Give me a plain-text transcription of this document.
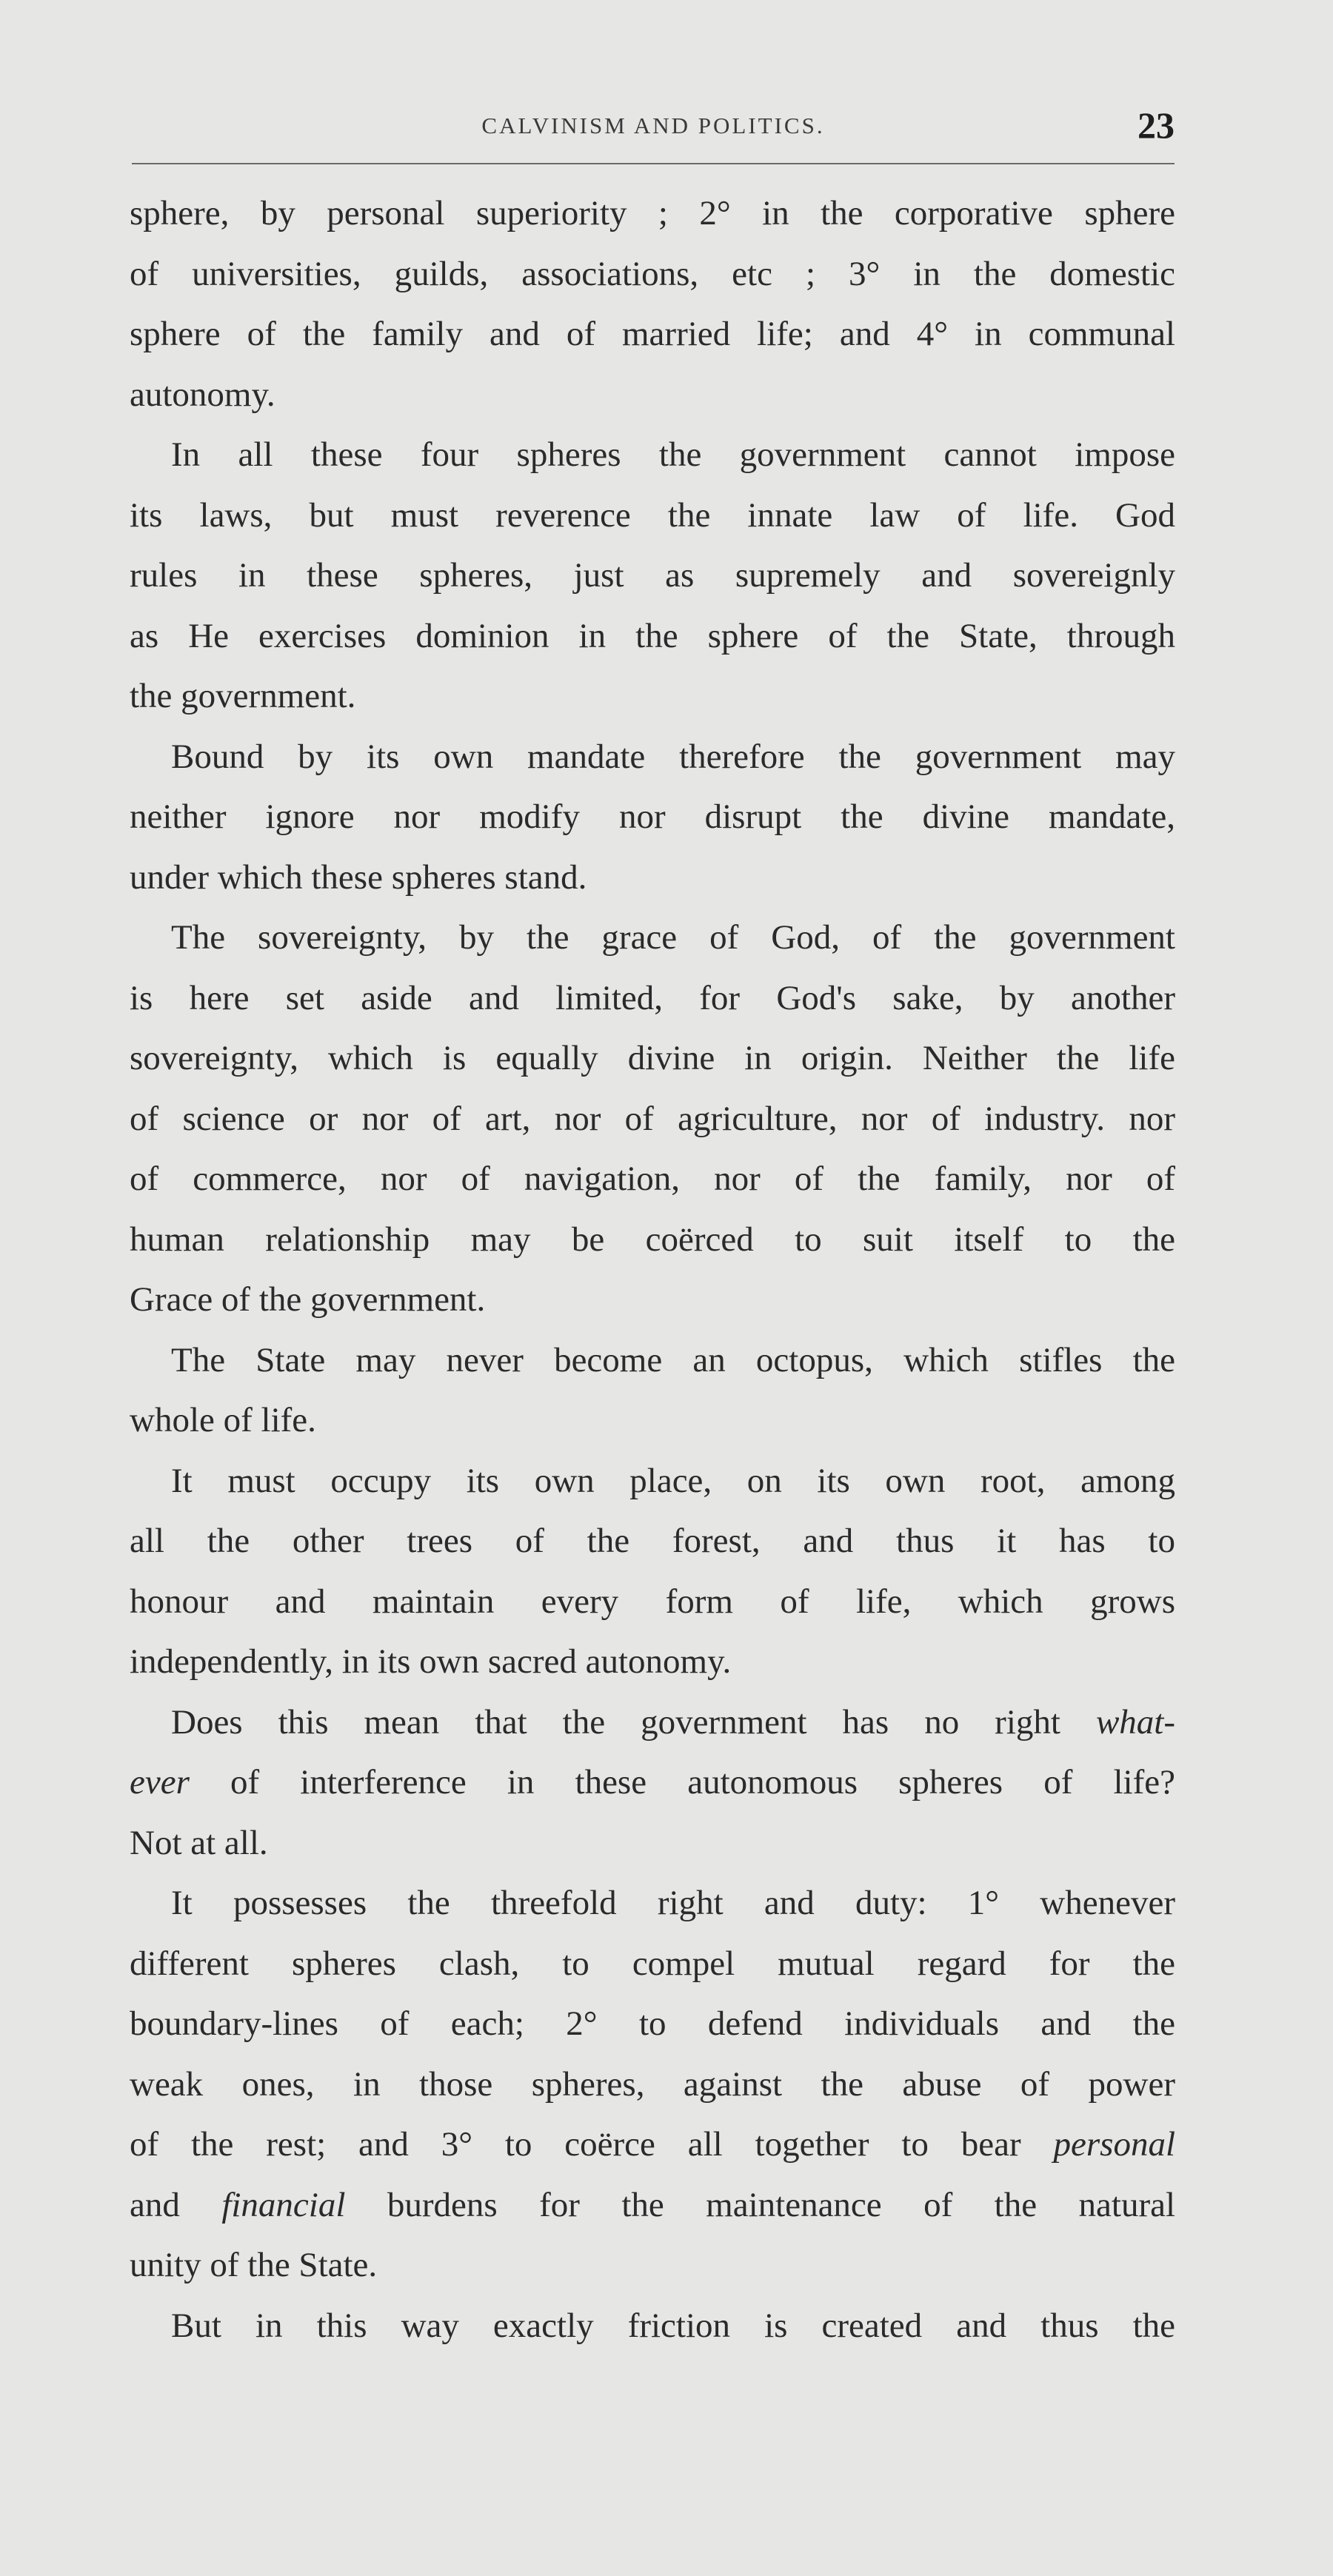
CALVINISM AND POLITICS.	23
sphere, by personal superiority ; 2° in the corporative sphere
of universities, guilds, associations, etc ; 3° in the domestic
sphere of the family and of married life; and 4° in communal
autonomy.
In all these four spheres the government cannot impose
its laws, but must reverence the innate law of life. God
rules in these spheres, just as supremely and sovereignly
as He exercises dominion in the sphere of the State, through
the government.
Bound by its own mandate therefore the government may
neither ignore nor modify nor disrupt the divine mandate,
under which these spheres stand.
The sovereignty, by the grace of God, of the government
is here set aside and limited, for God's sake, by another
sovereignty, which is equally divine in origin. Neither the life
of science or nor of art, nor of agriculture, nor of industry. nor
of commerce, nor of navigation, nor of the family, nor of
human relationship may be coërced to suit itself to the
Grace of the government.
The State may never become an octopus, which stifles the
whole of life.
It must occupy its own place, on its own root, among
all the other trees of the forest, and thus it has to
honour and maintain every form of life, which grows
independently, in its own sacred autonomy.
Does this mean that the government has no right what-
ever of interference in these autonomous spheres of life?
Not at all.
It possesses the threefold right and duty: 1° whenever
different spheres clash, to compel mutual regard for the
boundary-lines of each; 2° to defend individuals and the
weak ones, in those spheres, against the abuse of power
of the rest; and 3° to coërce all together to bear personal
and financial burdens for the maintenance of the natural
unity of the State.
But in this way exactly friction is created and thus the
